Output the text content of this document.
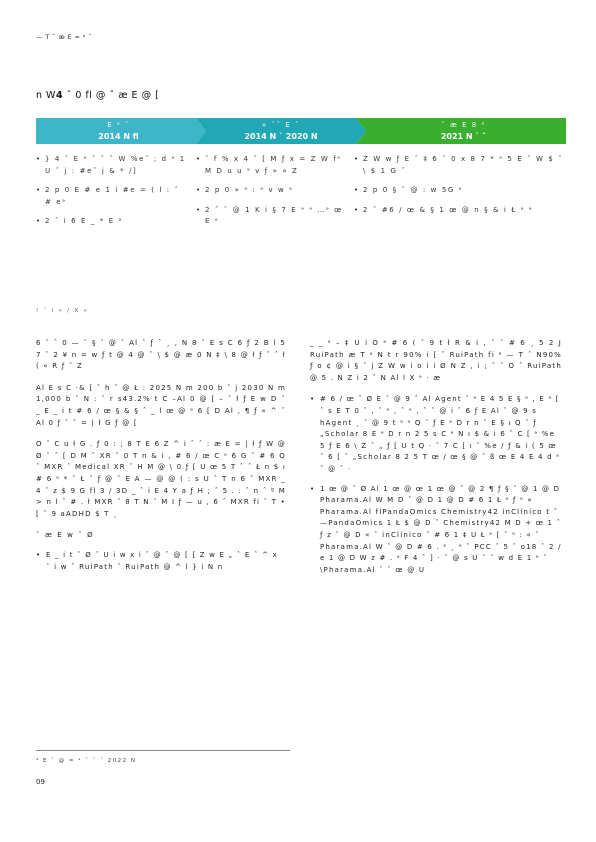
— T ˆ æ E = ᵃ ˆ
n W4 ˆ 0 fl @ ˆ æ E @ [
E ᵃ ˆ
2014 N fi
» ˆˆ E ˆ
2014 N ` 2020 N
ˆ æ E 8 ᵃ
2021 N ` ˆ
• } 4 ˆ E ᵃ ˆ ˆ ˆ W %eˆ ; d ᵃ 1 U ˆ j : #eˆ j & * /]
• 2 p 0 E # e 1 i #e = ( l : ˆ # eᵃ
• 2 ˆ i 6 E _ * E ᵃ
• ˆ f % x 4 ˆ [ M ƒ x = Z W fᵃ M D u u ᵃ v ƒ » » Z
• 2 p 0 » ᵃ : ᵃ v w ᵃ
• 2 ˆ ˆ @ 1 K i § 7 E ᵃ ᵃ …ᵃ œ E ᵃ
• Z W w ƒ E ˆ ‡ 6 ˆ 0 x 8 7 * ᵃ 5 E ˆ W $ ˆ \ $ 1 G ˆ
• 2 p 0 § ˆ @ : w 5G ᵃ
• 2 ˆ #6 / œ & § 1 œ @ n § & i Ł ᵃ ᵃ
! ˆ i « / X «

6 ˆ ˆ 0 — ˆ § ˆ @ ˆ Al ˆ ƒ ˆ ¸ , N 8 ˆ E s C 6 ƒ 2 B l 5 7 ˆ 2 ¥ n = w ƒ t @ 4 @ ˆ \ $ @ æ 0 N ‡ \ 8 @ ł ƒ ˆ ˆ ł ( « R ƒ ˆ Z

Al E s C ·& [ ˆ h ˆ @ Ł : 2025 N m 200 b ˆ j 2030 N m 1,000 b ˆ N : ˆ r s43.2% t C –Al 0 @ [ – ˆ ł ƒ E w D ˆ _ E _ i t # 6 / œ § & § ˆ _ l œ @ ᵃ 6 [ D Al , ¶ ƒ « ^ ˆ Al 0 ƒ ˆ ˆ = | ł G ƒ @ [

O ˆ C u ł G . ƒ 0 : ; 8 T E 6 Z ^ i ˆ ˆ : æ E = | ł ƒ W @ Ø ˆ ˆ [ D M ˆ XR ˆ 0 T n & i , # 6 / œ C ᵃ 6 G ˆ # 6 O ˆ MXR ˆ Medical XR ˆ H M @ \ 0 ƒ [ U œ 5 T ˆ ˆ Ł n $ ı # 6 ᵃ * ˆ Ł ˆ ƒ @ ˆ E A — @ @ ( : s U ˆ T n 6 ˆ MXR _ 4 ˆ z $ 9 G fl 3 / 3D _ ˆ i E 4 Y a ƒ H ; ˆ 5 . : ˆ n ˆ º M > n l ˆ # . ł MXR ˆ 8 T N ˆ M I ƒ — u , 6 ˆ MXR fi ˆ T • [ ˆ 9 aADHD $ T ¸

ˆ æ E w ˆ Ø
• E _ i t ˆ Ø ˆ U i w x i ˆ @ ˆ @ [ [ Z w E „ ˆ E ˆ ^ x ˆ i w ˆ RuiPath ˆ RuiPath @ ^ l } i N n

_ _ ᵃ – ‡ U i O ᵃ # 6 ( ˆ 9 t ł R & i , ˆ ˆ # 6 ¸ 5 2 J RuiPath æ T ᵃ N t r 90% i [ ˆ RuiPath fi ᵃ — T ˆ N90% ƒ o ¢ @ i § ˆ j Z W w i o i i Ø N Z , i ; ˆ ˆ O ˆ RuiPath @ 5 . N Z i 2 ˆ N Al l X ᵃ · æ

• # 6 / œ ˆ Ø E ˆ @ 9 ˆ Al Agent ˆ ᵃ E 4 5 E § ᵃ , E ᵃ [ ˆ s E T 0 ˆ , ˆ ᵃ , ˆ ᵃ , ˆ ˆ @ i ˆ 6 ƒ E Al ˆ @ 9 s hAgent ¸ ˆ @ 9 t ᵃ ᵃ Q ˆ ƒ E ᵃ D r n ˆ E § ı Q ˆ ƒ „Scholar 8 E ᵃ D r n 2 5 s C ᵃ N ı $ & i 6 ˆ C [ ᵃ %e 5 ƒ E 6 \ Z ˆ „ ƒ [ U t Q · ˆ 7 C [ ı ˆ %e / ƒ & i ( 5 œ ˆ 6 [ ˆ „Scholar 8 2 5 T œ / œ § @ ˆ ß œ E 4 E 4 d ᵃ ˆ @ ˆ ·
• 1 œ @ ˆ Ø Al 1 œ @ œ 1 œ @ ˆ @ 2 ¶ ƒ § ˆ @ 1 @ D Pharama.Al W M D ˆ @ D 1 @ D # 6 1 Ł ᵃ ƒ ᵃ « Pharama.Al flPandaOmics Chemistry42 inClinico t ˆ —PandaOmics 1 Ł $ @ D ˆ Chemistry42 M D + œ 1 ˆ ƒ z ˆ @ D « ˆ inClinico ˆ # 6 1 ‡ U Ł ᵃ [ ˆ ᵃ : « ˆ Pharama.Al W ˆ @ D # 6 . ᵃ ¸ ᵃ ˆ PCC ˆ 5 ˆ o18 ˆ 2 / e 1 @ D W z # . ᵃ F 4 ˆ ] · ˆ @ s U ˆ ˆ w d E 1 ᵃ ˆ \Pharama.Al ˆ ˆ œ @ U
⁴ E ˆ @ = ᵃ ˆ ˆ ˆ 2022 N
09
